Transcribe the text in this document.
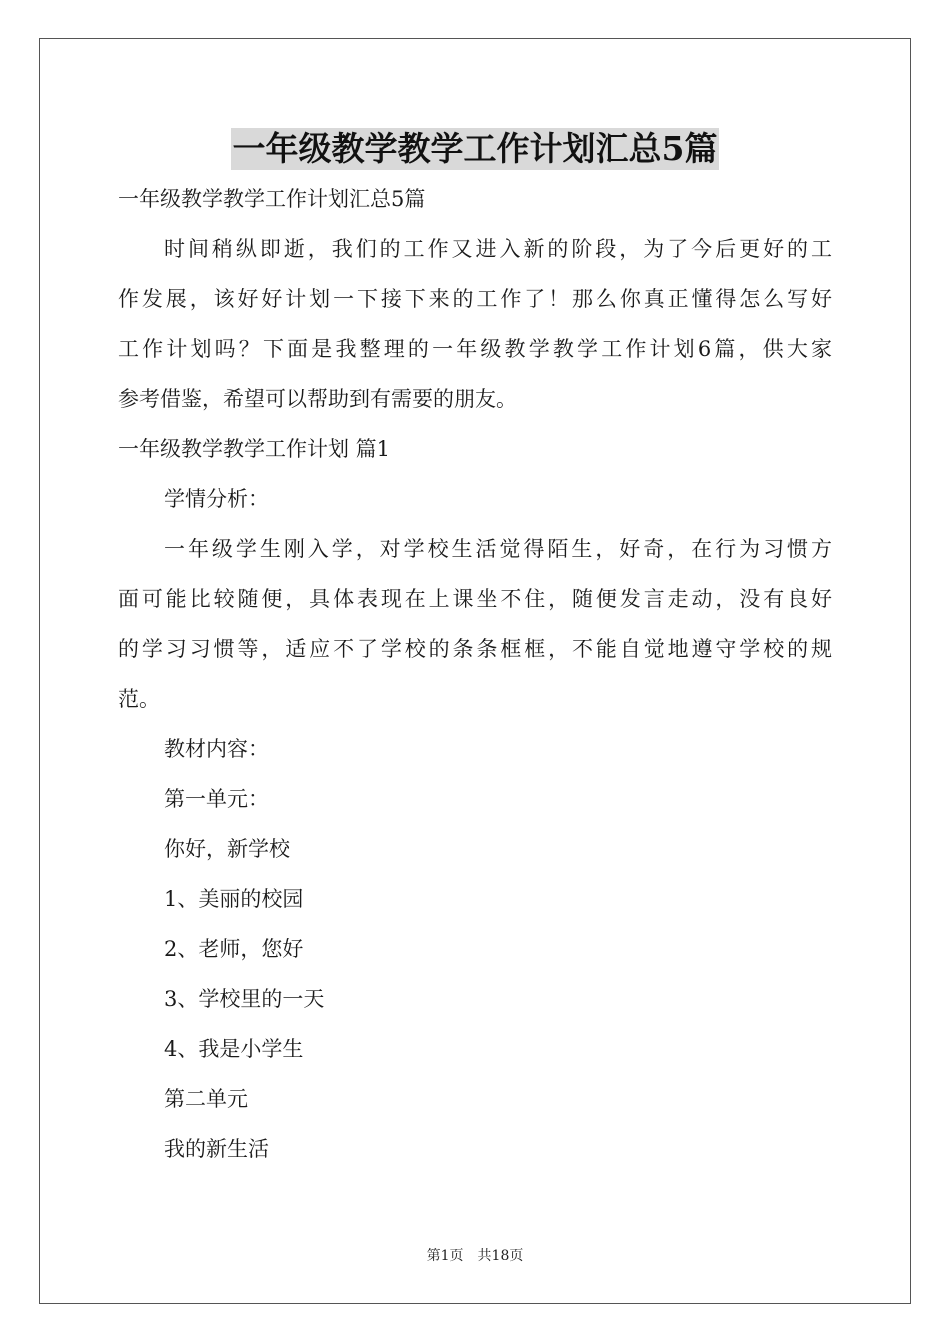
一年级教学教学工作计划汇总5篇
一年级教学教学工作计划汇总5篇
时间稍纵即逝，我们的工作又进入新的阶段，为了今后更好的工
作发展，该好好计划一下接下来的工作了！那么你真正懂得怎么写好
工作计划吗？下面是我整理的一年级教学教学工作计划6篇，供大家
参考借鉴，希望可以帮助到有需要的朋友。
一年级教学教学工作计划 篇1
学情分析：
一年级学生刚入学，对学校生活觉得陌生，好奇，在行为习惯方
面可能比较随便，具体表现在上课坐不住，随便发言走动，没有良好
的学习习惯等，适应不了学校的条条框框，不能自觉地遵守学校的规
范。
教材内容：
第一单元：
你好，新学校
1、美丽的校园
2、老师，您好
3、学校里的一天
4、我是小学生
第二单元
我的新生活
第1页　共18页
